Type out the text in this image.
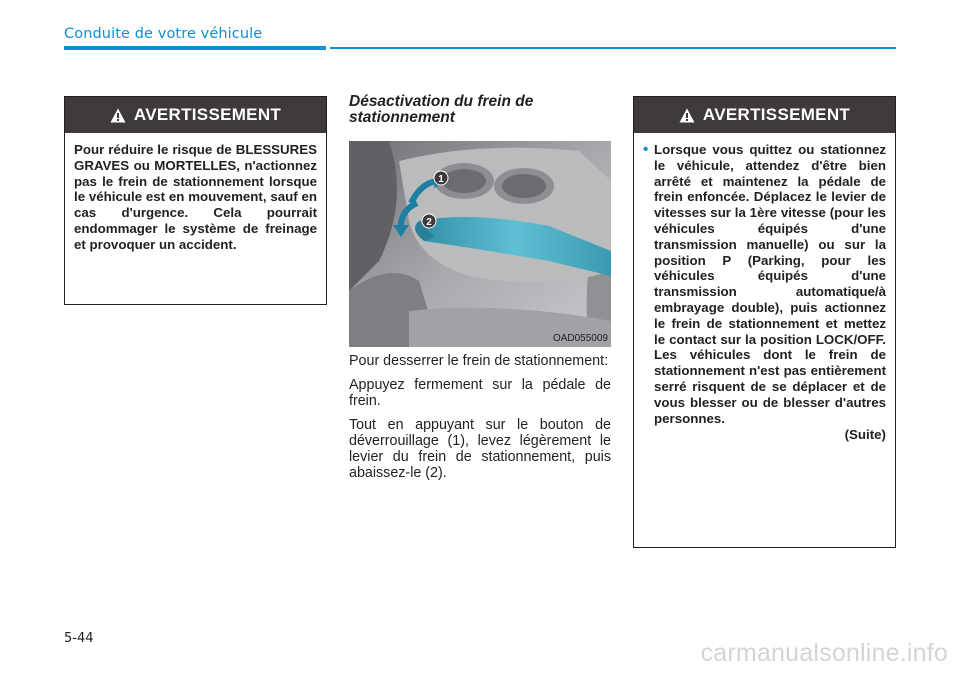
Conduite de votre véhicule
AVERTISSEMENT
Pour réduire le risque de BLESSURES GRAVES ou MORTELLES, n'actionnez pas le frein de stationnement lorsque le véhicule est en mouvement, sauf en cas d'urgence. Cela pourrait endommager le système de freinage et provoquer un accident.
Désactivation du frein de stationnement
1
2
OAD055009

Pour desserrer le frein de stationnement:

Appuyez fermement sur la pédale de frein.

Tout en appuyant sur le bouton de déverrouillage (1), levez légèrement le levier du frein de stationnement, puis abaissez-le (2).

AVERTISSEMENT
• Lorsque vous quittez ou stationnez le véhicule, attendez d'être bien arrêté et maintenez la pédale de frein enfoncée. Déplacez le levier de vitesses sur la 1ère vitesse (pour les véhicules équipés d'une transmission manuelle) ou sur la position P (Parking, pour les véhicules équipés d'une transmission automatique/à embrayage double), puis actionnez le frein de stationnement et mettez le contact sur la position LOCK/OFF. Les véhicules dont le frein de stationnement n'est pas entièrement serré risquent de se déplacer et de vous blesser ou de blesser d'autres personnes.
(Suite)
5-44
carmanualsonline.info
